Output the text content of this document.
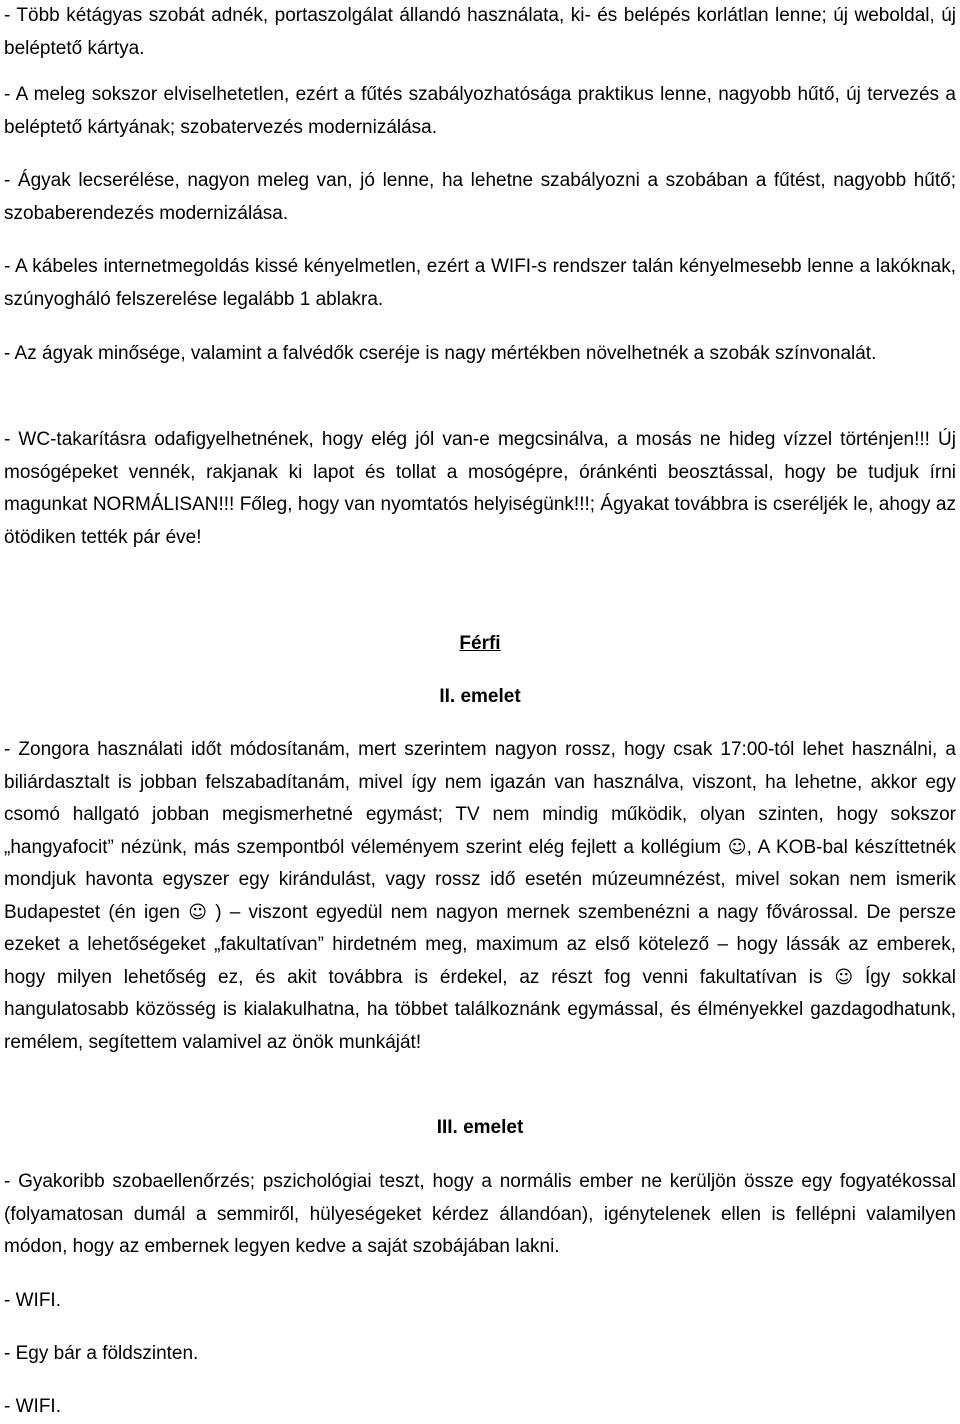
- Több kétágyas szobát adnék, portaszolgálat állandó használata, ki- és belépés korlátlan lenne; új weboldal, új beléptető kártya.

- A meleg sokszor elviselhetetlen, ezért a fűtés szabályozhatósága praktikus lenne, nagyobb hűtő, új tervezés a beléptető kártyának; szobatervezés modernizálása.

- Ágyak lecserélése, nagyon meleg van, jó lenne, ha lehetne szabályozni a szobában a fűtést, nagyobb hűtő; szobaberendezés modernizálása.

- A kábeles internetmegoldás kissé kényelmetlen, ezért a WIFI-s rendszer talán kényelmesebb lenne a lakóknak, szúnyogháló felszerelése legalább 1 ablakra.

- Az ágyak minősége, valamint a falvédők cseréje is nagy mértékben növelhetnék a szobák színvonalát.

- WC-takarításra odafigyelhetnének, hogy elég jól van-e megcsinálva, a mosás ne hideg vízzel történjen!!! Új mosógépeket vennék, rakjanak ki lapot és tollat a mosógépre, óránkénti beosztással, hogy be tudjuk írni magunkat NORMÁLISAN!!! Főleg, hogy van nyomtatós helyiségünk!!!; Ágyakat továbbra is cseréljék le, ahogy az ötödiken tették pár éve!

Férfi

II. emelet

- Zongora használati időt módosítanám, mert szerintem nagyon rossz, hogy csak 17:00-tól lehet használni, a biliárdasztalt is jobban felszabadítanám, mivel így nem igazán van használva, viszont, ha lehetne, akkor egy csomó hallgató jobban megismerhetné egymást; TV nem mindig működik, olyan szinten, hogy sokszor „hangyafocit” nézünk, más szempontból véleményem szerint elég fejlett a kollégium ☺, A KOB-bal készíttetnék mondjuk havonta egyszer egy kirándulást, vagy rossz idő esetén múzeumnézést, mivel sokan nem ismerik Budapestet (én igen ☺ ) – viszont egyedül nem nagyon mernek szembenézni a nagy fővárossal. De persze ezeket a lehetőségeket „fakultatívan” hirdetném meg, maximum az első kötelező – hogy lássák az emberek, hogy milyen lehetőség ez, és akit továbbra is érdekel, az részt fog venni fakultatívan is ☺ Így sokkal hangulatosabb közösség is kialakulhatna, ha többet találkoznánk egymással, és élményekkel gazdagodhatunk, remélem, segítettem valamivel az önök munkáját!

III. emelet

- Gyakoribb szobaellenőrzés; pszichológiai teszt, hogy a normális ember ne kerüljön össze egy fogyatékossal (folyamatosan dumál a semmiről, hülyeségeket kérdez állandóan), igénytelenek ellen is fellépni valamilyen módon, hogy az embernek legyen kedve a saját szobájában lakni.

- WIFI.

- Egy bár a földszinten.

- WIFI.
